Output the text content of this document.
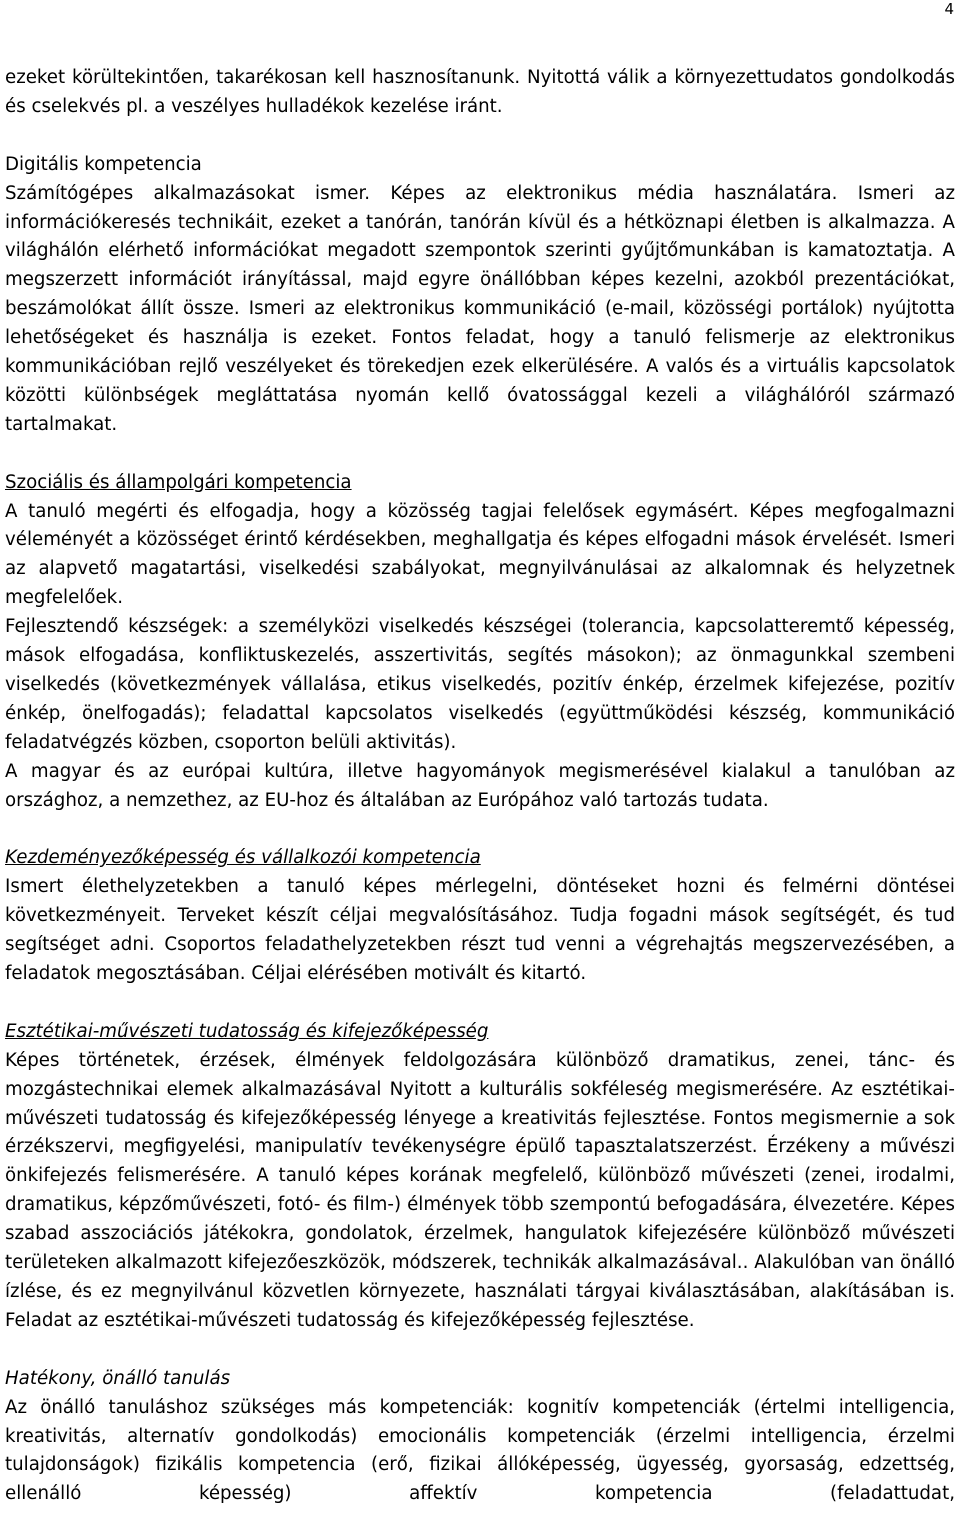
4

ezeket körültekintően, takarékosan kell hasznosítanunk. Nyitottá válik a környezettudatos gondolkodás és cselekvés pl. a veszélyes hulladékok kezelése iránt.

Digitális kompetencia

Számítógépes alkalmazásokat ismer. Képes az elektronikus média használatára. Ismeri az információkeresés technikáit, ezeket a tanórán, tanórán kívül és a hétköznapi életben is alkalmazza. A világhálón elérhető információkat megadott szempontok szerinti gyűjtőmunkában is kamatoztatja. A megszerzett információt irányítással, majd egyre önállóbban képes kezelni, azokból prezentációkat, beszámolókat állít össze. Ismeri az elektronikus kommunikáció (e-mail, közösségi portálok) nyújtotta lehetőségeket és használja is ezeket. Fontos feladat, hogy a tanuló felismerje az elektronikus kommunikációban rejlő veszélyeket és törekedjen ezek elkerülésére. A valós és a virtuális kapcsolatok közötti különbségek megláttatása nyomán kellő óvatossággal kezeli a világhálóról származó tartalmakat.

Szociális és állampolgári kompetencia

A tanuló megérti és elfogadja, hogy a közösség tagjai felelősek egymásért. Képes megfogalmazni véleményét a közösséget érintő kérdésekben, meghallgatja és képes elfogadni mások érvelését. Ismeri az alapvető magatartási, viselkedési szabályokat, megnyilvánulásai az alkalomnak és helyzetnek megfelelőek.

Fejlesztendő készségek: a személyközi viselkedés készségei (tolerancia, kapcsolatteremtő képesség, mások elfogadása, konfliktuskezelés, asszertivitás, segítés másokon); az önmagunkkal szembeni viselkedés (következmények vállalása, etikus viselkedés, pozitív énkép, érzelmek kifejezése, pozitív énkép, önelfogadás); feladattal kapcsolatos viselkedés (együttműködési készség, kommunikáció feladatvégzés közben, csoporton belüli aktivitás).

A magyar és az európai kultúra, illetve hagyományok megismerésével kialakul a tanulóban az országhoz, a nemzethez, az EU-hoz és általában az Európához való tartozás tudata.

Kezdeményezőképesség és vállalkozói kompetencia

Ismert élethelyzetekben a tanuló képes mérlegelni, döntéseket hozni és felmérni döntései következményeit. Terveket készít céljai megvalósításához. Tudja fogadni mások segítségét, és tud segítséget adni. Csoportos feladathelyzetekben részt tud venni a végrehajtás megszervezésében, a feladatok megosztásában. Céljai elérésében motivált és kitartó.

Esztétikai-művészeti tudatosság és kifejezőképesség

Képes történetek, érzések, élmények feldolgozására különböző dramatikus, zenei, tánc- és mozgástechnikai elemek alkalmazásával Nyitott a kulturális sokféleség megismerésére. Az esztétikai-művészeti tudatosság és kifejezőképesség lényege a kreativitás fejlesztése. Fontos megismernie a sok érzékszervi, megfigyelési, manipulatív tevékenységre épülő tapasztalatszerzést. Érzékeny a művészi önkifejezés felismerésére. A tanuló képes korának megfelelő, különböző művészeti (zenei, irodalmi, dramatikus, képzőművészeti, fotó- és film-) élmények több szempontú befogadására, élvezetére. Képes szabad asszociációs játékokra, gondolatok, érzelmek, hangulatok kifejezésére különböző művészeti területeken alkalmazott kifejezőeszközök, módszerek, technikák alkalmazásával.. Alakulóban van önálló ízlése, és ez megnyilvánul közvetlen környezete, használati tárgyai kiválasztásában, alakításában is. Feladat az esztétikai-művészeti tudatosság és kifejezőképesség fejlesztése.

Hatékony, önálló tanulás

Az önálló tanuláshoz szükséges más kompetenciák: kognitív kompetenciák (értelmi intelligencia, kreativitás, alternatív gondolkodás) emocionális kompetenciák (érzelmi intelligencia, érzelmi tulajdonságok) fizikális kompetencia (erő, fizikai állóképesség, ügyesség, gyorsaság, edzettség, ellenálló képesség) affektív kompetencia (feladattudat,
